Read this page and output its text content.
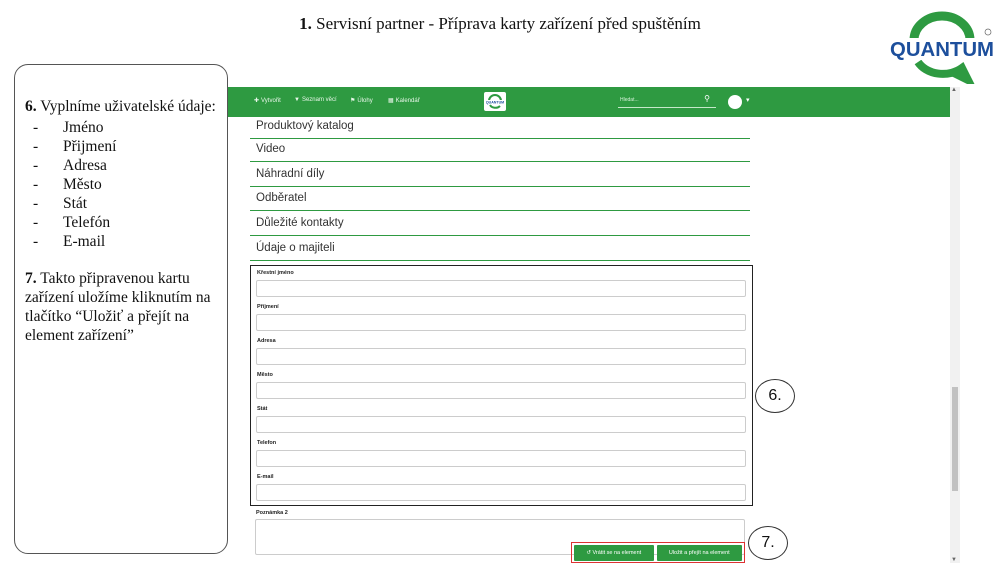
1. Servisní partner - Příprava karty zařízení před spuštěním
QUANTUM
6. Vyplníme uživatelské údaje:
-	Jméno
-	Přijmení
-	Adresa
-	Město
-	Stát
-	Telefón
-	E-mail
7. Takto připravenou kartu zařízení uložíme kliknutím na tlačítko “Uložiť a přejít na element zařízení”
✚ Vytvořit ▼ Seznam věcí ⚑ Úlohy	▦ Kalendář	QUANTUM	Hledat...	⚲	▾
Produktový katalog
Video
Náhradní díly
Odběratel
Důležité kontakty
Údaje o majiteli
Křestní jméno
Příjmení
Adresa
Město
Stát
Telefon
E-mail
Poznámka 2
↺ Vrátit se na element	Uložit a přejít na element
▲
▼
6.
7.
